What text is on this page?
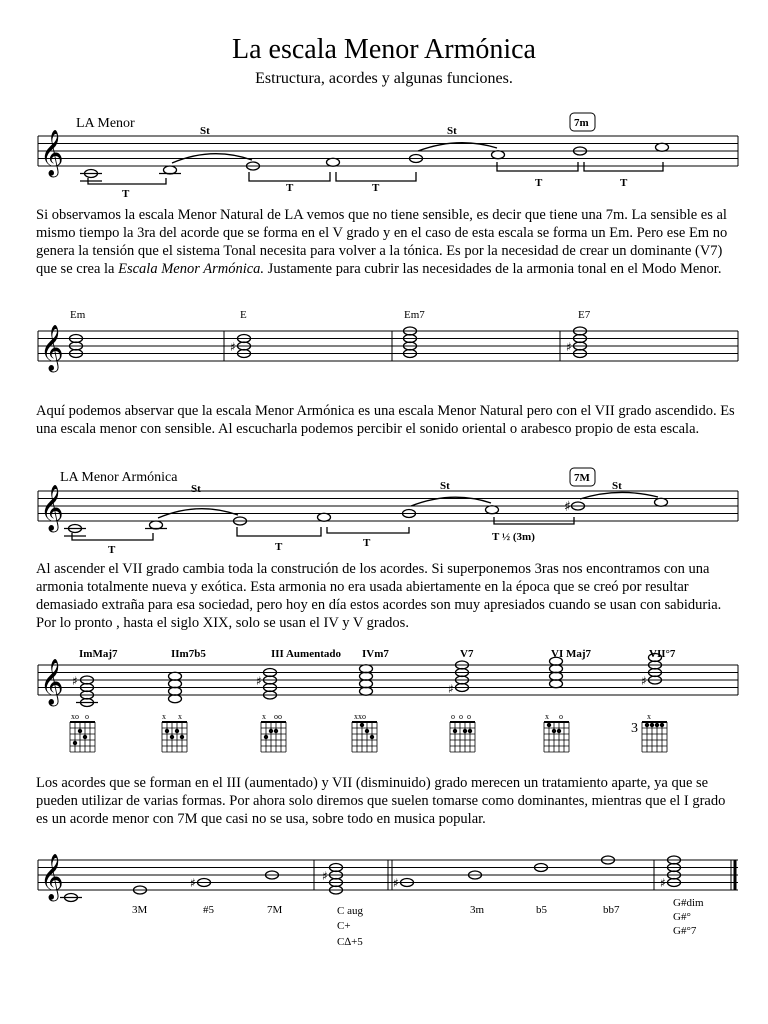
La escala Menor Armónica
Estructura, acordes y algunas funciones.
𝄞
LA Menor	St	St
7m
T	T	T	T	T
Si observamos la escala Menor Natural de LA vemos que no tiene sensible, es decir que tiene una 7m. La sensible es al mismo tiempo la 3ra del acorde que se forma en el V grado y en el caso de esta escala se forma un Em. Pero ese Em no genera la tensión que el sistema Tonal necesita para volver a la tónica. Es por la necesidad de crear un dominante (V7) que se crea la Escala Menor Armónica. Justamente para cubrir las necesidades de la armonia tonal en el Modo Menor.
𝄞
Em	E	Em7	E7
♯	♯
Aquí podemos abservar que la escala Menor Armónica es una escala Menor Natural pero con el VII grado ascendido. Es una escala menor con sensible. Al escucharla podemos percibir el sonido oriental o arabesco propio de esta escala.
𝄞
LA Menor Armónica
St	St	St
7M
♯
T	T	T	T ½ (3m)
Al ascender el VII grado cambia toda la construción de los acordes. Si superponemos 3ras nos encontramos con una armonia totalmente nueva y exótica. Esta armonia no era usada abiertamente en la época que se creó por resultar demasiado extraña para esa sociedad, pero hoy en día estos acordes son muy apresiados cuando se usan con sabiduria. Por lo pronto , hasta el siglo XIX, solo se usan el IV y V grados.
𝄞
ImMaj7	IIm7b5	III Aumentado IVm7	V7	VI Maj7	VII°7
♯	♯
♯
♯
xo   o	x      x	x    oo	xxo	o  o  o	x     o	x
3
Los acordes que se forman en el III (aumentado) y VII (disminuido) grado merecen un tratamiento aparte, ya que se pueden utilizar de varias formas. Por ahora solo diremos que suelen tomarse como dominantes, mientras que el I grado es un acorde menor con 7M que casi no se usa, sobre todo en musica popular.
𝄞	♯	♯	♯	♯
3M	#5	7M	3m	b5	bb7
C aug
C+
C∆+5
G#dim
G#°
G#°7
